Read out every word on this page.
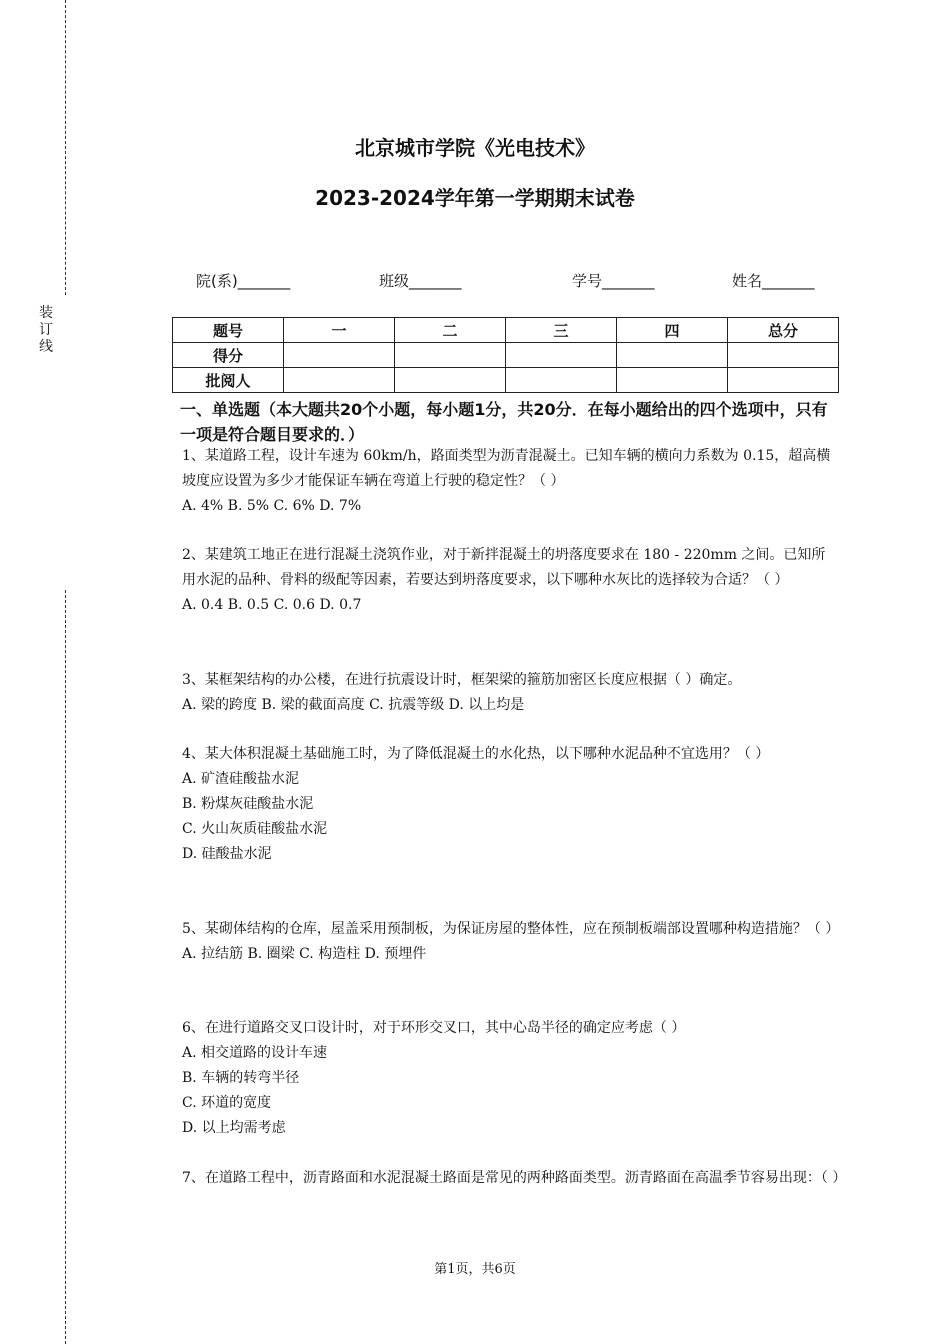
装订线
北京城市学院《光电技术》
2023-2024学年第一学期期末试卷
院(系)_______	班级_______	学号_______	姓名_______
题号	一	二	三	四	总分
得分					
批阅人					
一、单选题（本大题共20个小题，每小题1分，共20分．在每小题给出的四个选项中，只有一项是符合题目要求的．）

1、某道路工程，设计车速为 60km/h，路面类型为沥青混凝土。已知车辆的横向力系数为 0.15，超高横坡度应设置为多少才能保证车辆在弯道上行驶的稳定性？（ ）

A. 4% B. 5% C. 6% D. 7%

2、某建筑工地正在进行混凝土浇筑作业，对于新拌混凝土的坍落度要求在 180 - 220mm 之间。已知所用水泥的品种、骨料的级配等因素，若要达到坍落度要求，以下哪种水灰比的选择较为合适？（ ）

A. 0.4 B. 0.5 C. 0.6 D. 0.7

3、某框架结构的办公楼，在进行抗震设计时，框架梁的箍筋加密区长度应根据（ ）确定。

A. 梁的跨度 B. 梁的截面高度 C. 抗震等级 D. 以上均是

4、某大体积混凝土基础施工时，为了降低混凝土的水化热，以下哪种水泥品种不宜选用？（ ）

A. 矿渣硅酸盐水泥

B. 粉煤灰硅酸盐水泥

C. 火山灰质硅酸盐水泥

D. 硅酸盐水泥

5、某砌体结构的仓库，屋盖采用预制板，为保证房屋的整体性，应在预制板端部设置哪种构造措施？（ ）

A. 拉结筋 B. 圈梁 C. 构造柱 D. 预埋件

6、在进行道路交叉口设计时，对于环形交叉口，其中心岛半径的确定应考虑（ ）

A. 相交道路的设计车速

B. 车辆的转弯半径

C. 环道的宽度

D. 以上均需考虑

7、在道路工程中，沥青路面和水泥混凝土路面是常见的两种路面类型。沥青路面在高温季节容易出现：（ ）

第1页，共6页
